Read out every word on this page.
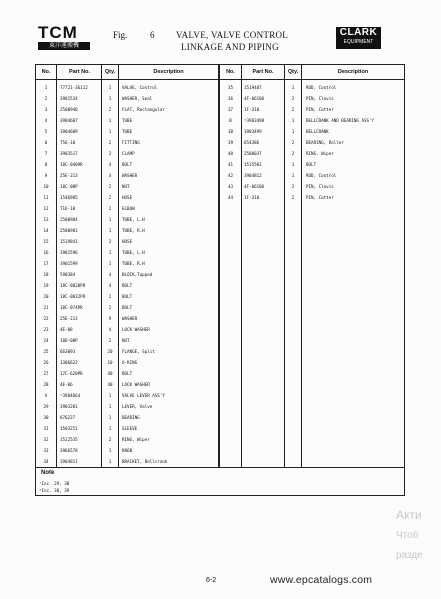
TCM
東洋運搬機
Fig.	6 VALVE, VALVE CONTROL
LINKAGE AND PIPING
CLARK
EQUIPMENT
No.	Part No.	Qty.	Description	No.	Part No.	Qty.	Description
1	77721-36112	1	VALVE, Control
2	3901534	1	WASHER, Seal
3	2500940	2	FLAT, Rectangular
4	3904607	1	TUBE
5	3904609	1	TUBE
6	T56-10	2	FITTING
7	3903517	2	CLAMP
8	18C-0409R	4	BOLT
9	25E-213	4	WASHER
10	18C-08P	2	NUT
11	1546985	2	HOSE
12	T16-10	2	ELBOW
13	2500904	1	TUBE, L.H
14	2500901	1	TUBE, R.H
15	1519841	2	HOSE
16	3901596	1	TUBE, L.H
17	3901599	1	TUBE, R.H
18	590384	4	BLOCK,Tapped
19	18C-0820PR	4	BOLT
20	18C-0832PR	2	BOLT
21	18C-074PR	2	BOLT
22	25E-213	9	WASHER
23	4E-08	4	LOCK WASHER
24	18D-08P	2	NUT
25	663093	20	FLANGE, Split
26	1306622	10	O-RING
27	17C-620PR	40	BOLT
28	4E-06	40	LOCK WASHER
A	¹3904664	1	VALVE LEVER ASS'Y
29	3903201	1	LEVER, Valve
30	676227	1	BEARING
31	1503251	1	SLEEVE
32	1522535	2	RING, Wiper
33	3966578	1	KNOB
34	3904811	1	BRACKET, Bellcrank
35	1519407	1	ROD, Control
36	4F-06106	2	PIN, Clevis
37	1F-310	2	PIN, Cotter
B	²3903498	1	BELLCRANK AND BEARING ASS'Y
38	3903499	1	BELLCRANK
39	654386	2	BEARING, Roller
40	2500037	2	RING, Wiper
41	1515501	1	BOLT
42	3904812	1	ROD, Control
43	4F-06106	2	PIN, Clevis
44	1F-310	2	PIN, Cotter
Note
¹Inc. 29, 30
²Inc. 38, 39
6-2	www.epcatalogs.com
Акти
Чтоб
разде
